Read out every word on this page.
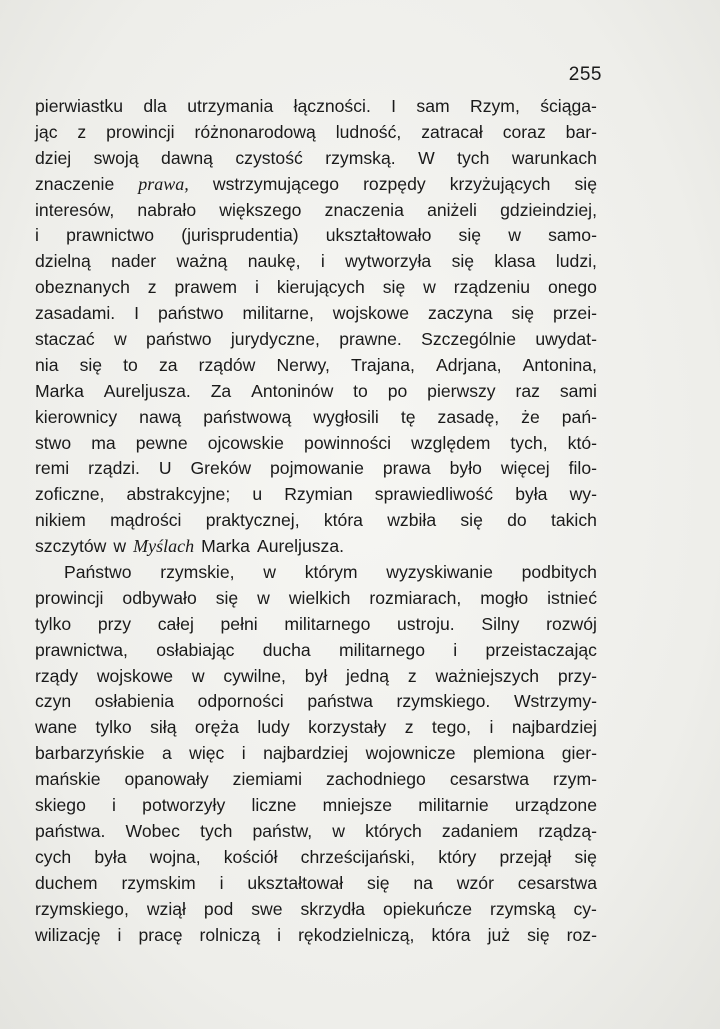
255
pierwiastku dla utrzymania łączności. I sam Rzym, ściąga-
jąc z prowincji różnonarodową ludność, zatracał coraz bar-
dziej swoją dawną czystość rzymską. W tych warunkach
znaczenie prawa, wstrzymującego rozpędy krzyżujących się
interesów, nabrało większego znaczenia aniżeli gdzieindziej,
i prawnictwo (jurisprudentia) ukształtowało się w samo-
dzielną nader ważną naukę, i wytworzyła się klasa ludzi,
obeznanych z prawem i kierujących się w rządzeniu onego
zasadami. I państwo militarne, wojskowe zaczyna się przei-
staczać w państwo jurydyczne, prawne. Szczególnie uwydat-
nia się to za rządów Nerwy, Trajana, Adrjana, Antonina,
Marka Aureljusza. Za Antoninów to po pierwszy raz sami
kierownicy nawą państwową wygłosili tę zasadę, że pań-
stwo ma pewne ojcowskie powinności względem tych, któ-
remi rządzi. U Greków pojmowanie prawa było więcej filo-
zoficzne, abstrakcyjne; u Rzymian sprawiedliwość była wy-
nikiem mądrości praktycznej, która wzbiła się do takich
szczytów w Myślach Marka Aureljusza.
Państwo rzymskie, w którym wyzyskiwanie podbitych
prowincji odbywało się w wielkich rozmiarach, mogło istnieć
tylko przy całej pełni militarnego ustroju. Silny rozwój
prawnictwa, osłabiając ducha militarnego i przeistaczając
rządy wojskowe w cywilne, był jedną z ważniejszych przy-
czyn osłabienia odporności państwa rzymskiego. Wstrzymy-
wane tylko siłą oręża ludy korzystały z tego, i najbardziej
barbarzyńskie a więc i najbardziej wojownicze plemiona gier-
mańskie opanowały ziemiami zachodniego cesarstwa rzym-
skiego i potworzyły liczne mniejsze militarnie urządzone
państwa. Wobec tych państw, w których zadaniem rządzą-
cych była wojna, kościół chrześcijański, który przejął się
duchem rzymskim i ukształtował się na wzór cesarstwa
rzymskiego, wziął pod swe skrzydła opiekuńcze rzymską cy-
wilizację i pracę rolniczą i rękodzielniczą, która już się roz-
